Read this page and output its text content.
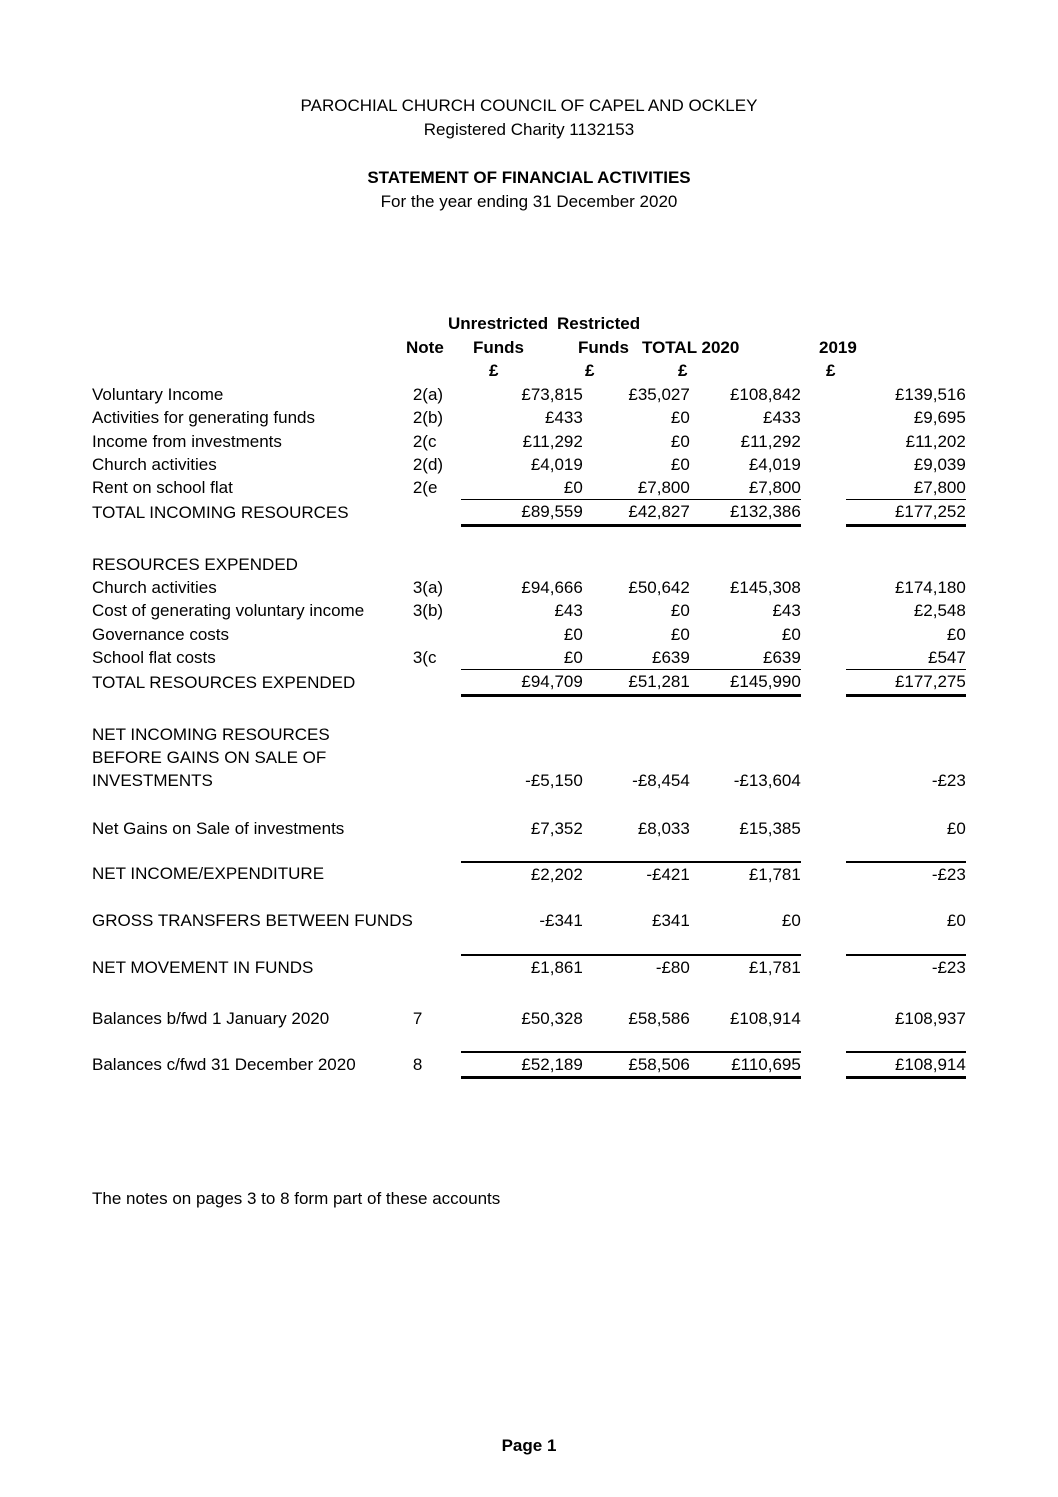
PAROCHIAL CHURCH COUNCIL OF CAPEL AND OCKLEY
Registered Charity 1132153
STATEMENT OF FINANCIAL ACTIVITIES
For the year ending 31 December 2020
Unrestricted Restricted
Note Funds	Funds TOTAL 2020	2019
£	£	£	£
Voluntary Income	2(a)	£73,815	£35,027	£108,842		£139,516
Activities for generating funds	2(b)	£433	£0	£433		£9,695
Income from investments	2(c	£11,292	£0	£11,292		£11,202
Church activities	2(d)	£4,019	£0	£4,019		£9,039
Rent on school flat	2(e	£0	£7,800	£7,800		£7,800
TOTAL INCOMING RESOURCES		£89,559	£42,827	£132,386		£177,252

RESOURCES EXPENDED						
Church activities	3(a)	£94,666	£50,642	£145,308		£174,180
Cost of generating voluntary income	3(b)	£43	£0	£43		£2,548
Governance costs		£0	£0	£0		£0
School flat costs	3(c	£0	£639	£639		£547
TOTAL RESOURCES EXPENDED		£94,709	£51,281	£145,990		£177,275

NET INCOMING RESOURCES						
BEFORE GAINS ON SALE OF						
INVESTMENTS		-£5,150	-£8,454	-£13,604		-£23

Net Gains on Sale of investments		£7,352	£8,033	£15,385		£0

NET INCOME/EXPENDITURE		£2,202	-£421	£1,781		-£23

GROSS TRANSFERS BETWEEN FUNDS		-£341	£341	£0		£0

NET MOVEMENT IN FUNDS		£1,861	-£80	£1,781		-£23

Balances b/fwd 1 January 2020	7	£50,328	£58,586	£108,914		£108,937

Balances c/fwd 31 December 2020	8	£52,189	£58,506	£110,695		£108,914
The notes on pages 3 to 8 form part of these accounts
Page 1
